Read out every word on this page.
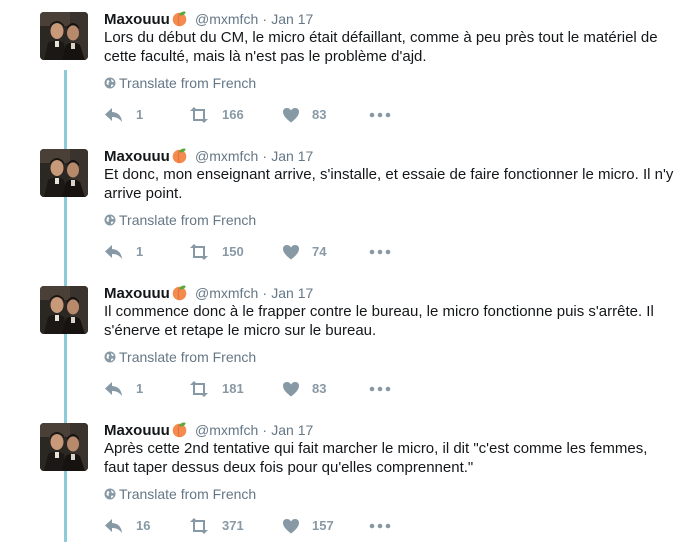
Maxouuu @mxmfch · Jan 17
Lors du début du CM, le micro était défaillant, comme à peu près tout le matériel de cette faculté, mais là n'est pas le problème d'ajd.
Translate from French
1	166	83
Maxouuu @mxmfch · Jan 17
Et donc, mon enseignant arrive, s'installe, et essaie de faire fonctionner le micro. Il n'y arrive point.
Translate from French
1	150	74
Maxouuu @mxmfch · Jan 17
Il commence donc à le frapper contre le bureau, le micro fonctionne puis s'arrête. Il s'énerve et retape le micro sur le bureau.
Translate from French
1	181	83
Maxouuu @mxmfch · Jan 17
Après cette 2nd tentative qui fait marcher le micro, il dit "c'est comme les femmes, faut taper dessus deux fois pour qu'elles comprennent."
Translate from French
16	371	157
